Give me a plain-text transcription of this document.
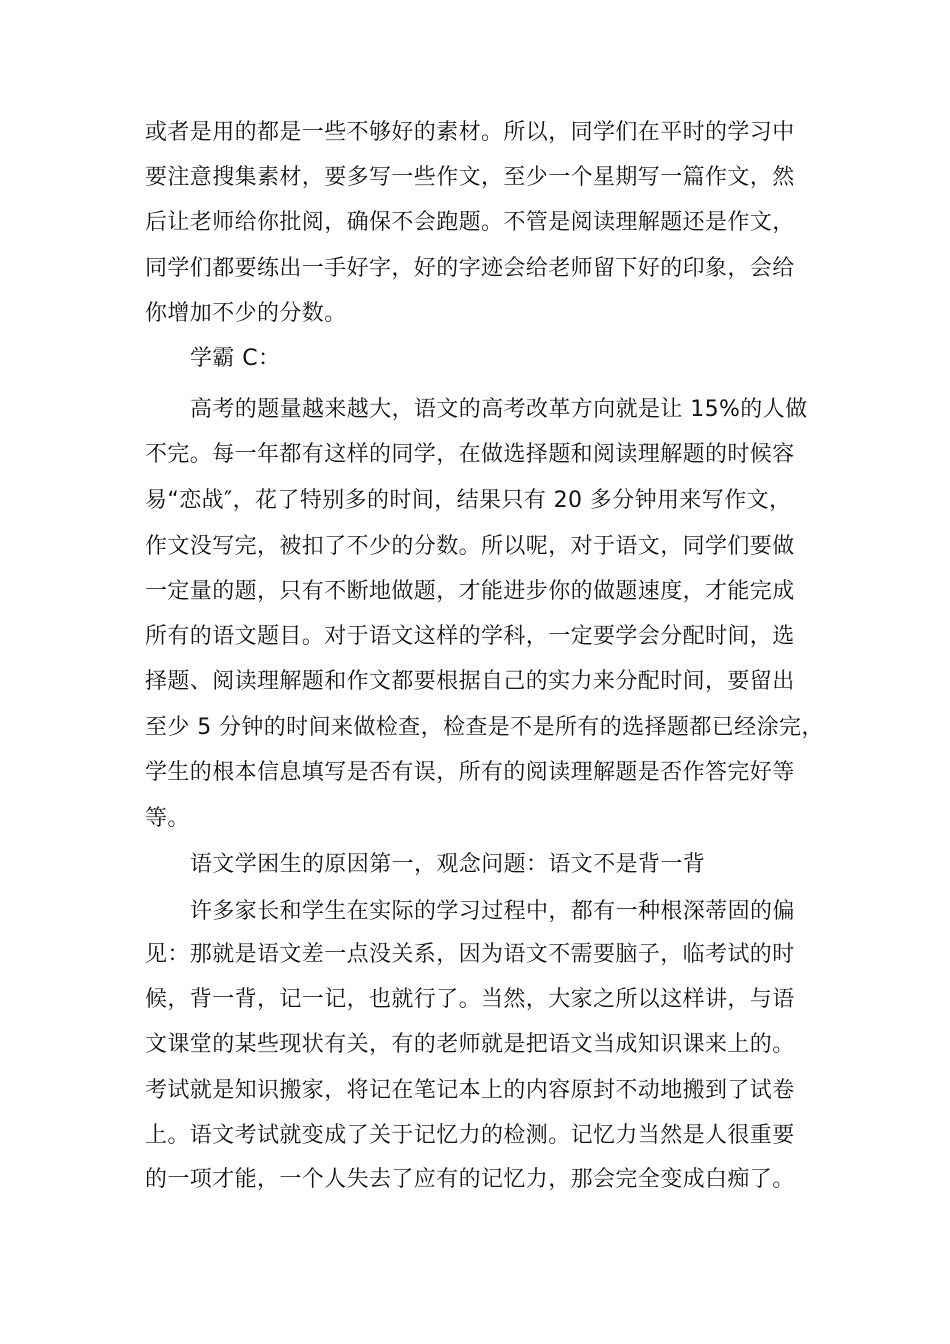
或者是用的都是一些不够好的素材。所以，同学们在平时的学习中
要注意搜集素材，要多写一些作文，至少一个星期写一篇作文，然
后让老师给你批阅，确保不会跑题。不管是阅读理解题还是作文，
同学们都要练出一手好字，好的字迹会给老师留下好的印象，会给
你增加不少的分数。
学霸 C：
高考的题量越来越大，语文的高考改革方向就是让 15%的人做
不完。每一年都有这样的同学，在做选择题和阅读理解题的时候容
易“恋战″，花了特别多的时间，结果只有 20 多分钟用来写作文，
作文没写完，被扣了不少的分数。所以呢，对于语文，同学们要做
一定量的题，只有不断地做题，才能进步你的做题速度，才能完成
所有的语文题目。对于语文这样的学科，一定要学会分配时间，选
择题、阅读理解题和作文都要根据自己的实力来分配时间，要留出
至少 5 分钟的时间来做检查，检查是不是所有的选择题都已经涂完，
学生的根本信息填写是否有误，所有的阅读理解题是否作答完好等
等。
语文学困生的原因第一，观念问题：语文不是背一背
许多家长和学生在实际的学习过程中，都有一种根深蒂固的偏
见：那就是语文差一点没关系，因为语文不需要脑子，临考试的时
候，背一背，记一记，也就行了。当然，大家之所以这样讲，与语
文课堂的某些现状有关，有的老师就是把语文当成知识课来上的。
考试就是知识搬家，将记在笔记本上的内容原封不动地搬到了试卷
上。语文考试就变成了关于记忆力的检测。记忆力当然是人很重要
的一项才能，一个人失去了应有的记忆力，那会完全变成白痴了。
